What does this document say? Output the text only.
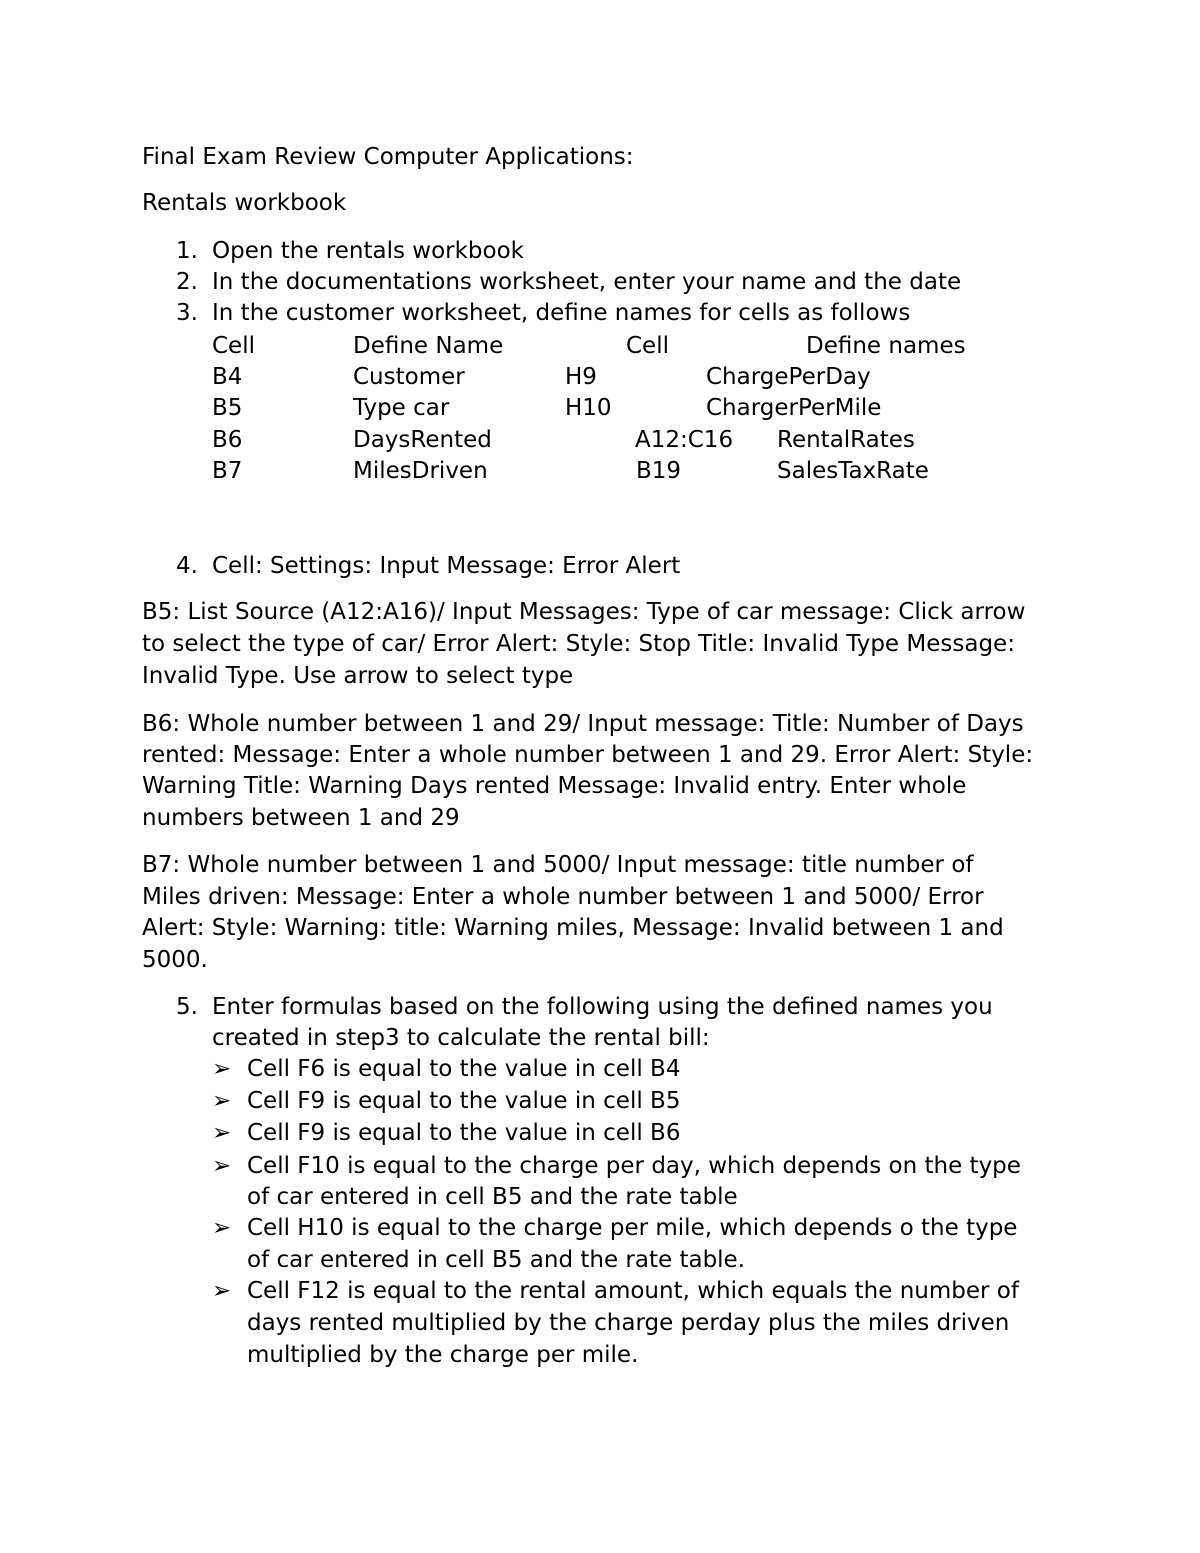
Final Exam Review Computer Applications:
Rentals workbook
1. Open the rentals workbook
2. In the documentations worksheet, enter your name and the date
3. In the customer worksheet, define names for cells as follows
Cell	Define Name	Cell	Define names
B4	Customer	H9	ChargePerDay
B5	Type car	H10	ChargerPerMile
B6	DaysRented	A12:C16 RentalRates
B7	MilesDriven	B19	SalesTaxRate
4. Cell: Settings: Input Message: Error Alert
B5: List Source (A12:A16)/ Input Messages: Type of car message: Click arrow
to select the type of car/ Error Alert: Style: Stop Title: Invalid Type Message:
Invalid Type. Use arrow to select type
B6: Whole number between 1 and 29/ Input message: Title: Number of Days
rented: Message: Enter a whole number between 1 and 29. Error Alert: Style:
Warning Title: Warning Days rented Message: Invalid entry. Enter whole
numbers between 1 and 29
B7: Whole number between 1 and 5000/ Input message: title number of
Miles driven: Message: Enter a whole number between 1 and 5000/ Error
Alert: Style: Warning: title: Warning miles, Message: Invalid between 1 and
5000.
5. Enter formulas based on the following using the defined names you
created in step3 to calculate the rental bill:
➢ Cell F6 is equal to the value in cell B4
➢ Cell F9 is equal to the value in cell B5
➢ Cell F9 is equal to the value in cell B6
➢ Cell F10 is equal to the charge per day, which depends on the type
of car entered in cell B5 and the rate table
➢ Cell H10 is equal to the charge per mile, which depends o the type
of car entered in cell B5 and the rate table.
➢ Cell F12 is equal to the rental amount, which equals the number of
days rented multiplied by the charge perday plus the miles driven
multiplied by the charge per mile.
